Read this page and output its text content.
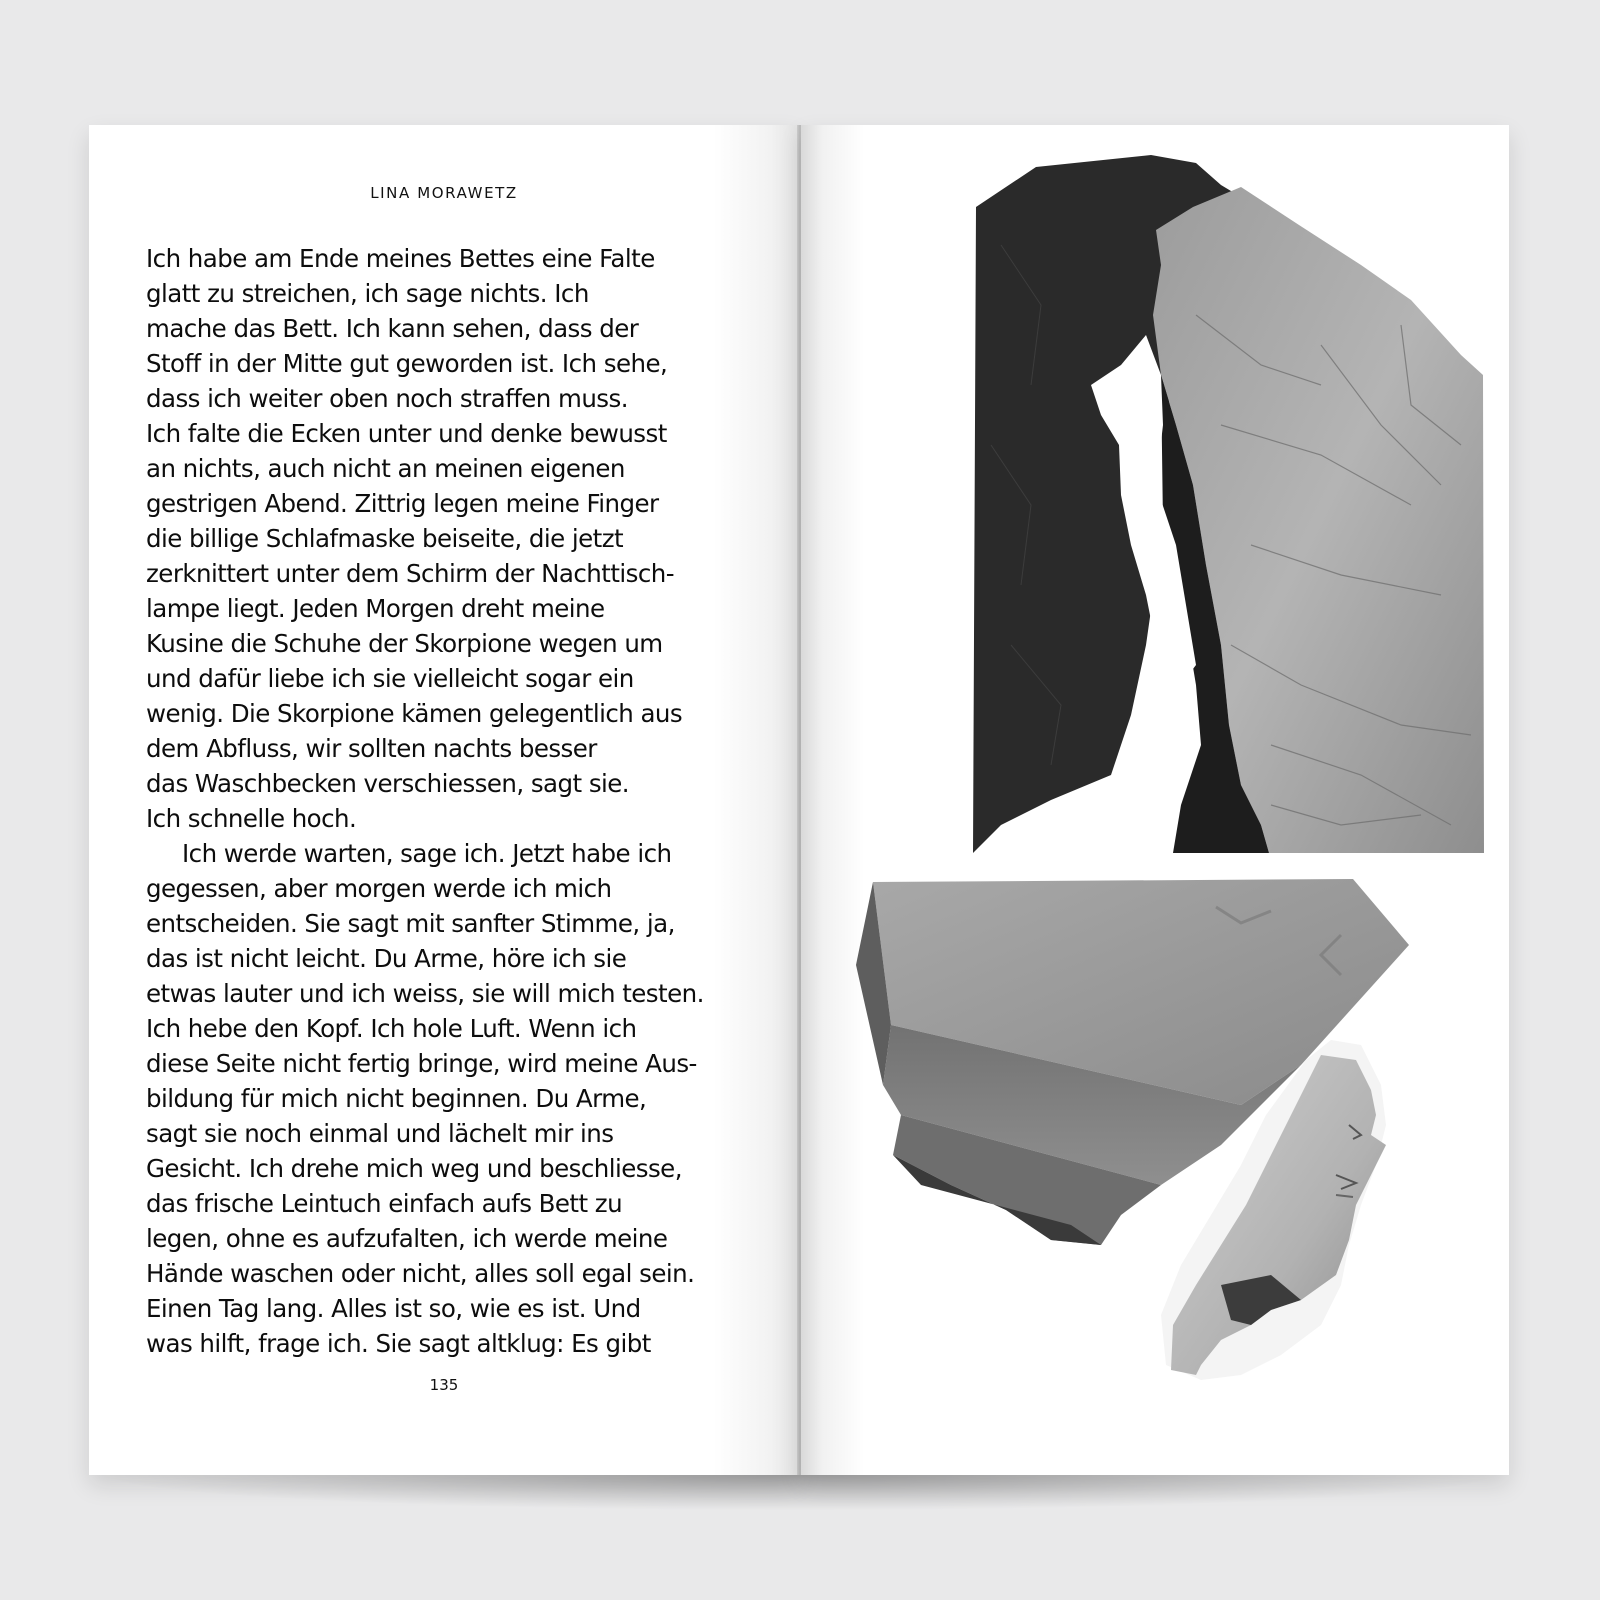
LINA MORAWETZ
Ich habe am Ende meines Bettes eine Falte
glatt zu streichen, ich sage nichts. Ich
mache das Bett. Ich kann sehen, dass der
Stoff in der Mitte gut geworden ist. Ich sehe,
dass ich weiter oben noch straffen muss.
Ich falte die Ecken unter und denke bewusst
an nichts, auch nicht an meinen eigenen
gestrigen Abend. Zittrig legen meine Finger
die billige Schlafmaske beiseite, die jetzt
zerknittert unter dem Schirm der Nachttisch-
lampe liegt. Jeden Morgen dreht meine
Kusine die Schuhe der Skorpione wegen um
und dafür liebe ich sie vielleicht sogar ein
wenig. Die Skorpione kämen gelegentlich aus
dem Abfluss, wir sollten nachts besser
das Waschbecken verschiessen, sagt sie.
Ich schnelle hoch.
Ich werde warten, sage ich. Jetzt habe ich
gegessen, aber morgen werde ich mich
entscheiden. Sie sagt mit sanfter Stimme, ja,
das ist nicht leicht. Du Arme, höre ich sie
etwas lauter und ich weiss, sie will mich testen.
Ich hebe den Kopf. Ich hole Luft. Wenn ich
diese Seite nicht fertig bringe, wird meine Aus-
bildung für mich nicht beginnen. Du Arme,
sagt sie noch einmal und lächelt mir ins
Gesicht. Ich drehe mich weg und beschliesse,
das frische Leintuch einfach aufs Bett zu
legen, ohne es aufzufalten, ich werde meine
Hände waschen oder nicht, alles soll egal sein.
Einen Tag lang. Alles ist so, wie es ist. Und
was hilft, frage ich. Sie sagt altklug: Es gibt
135
